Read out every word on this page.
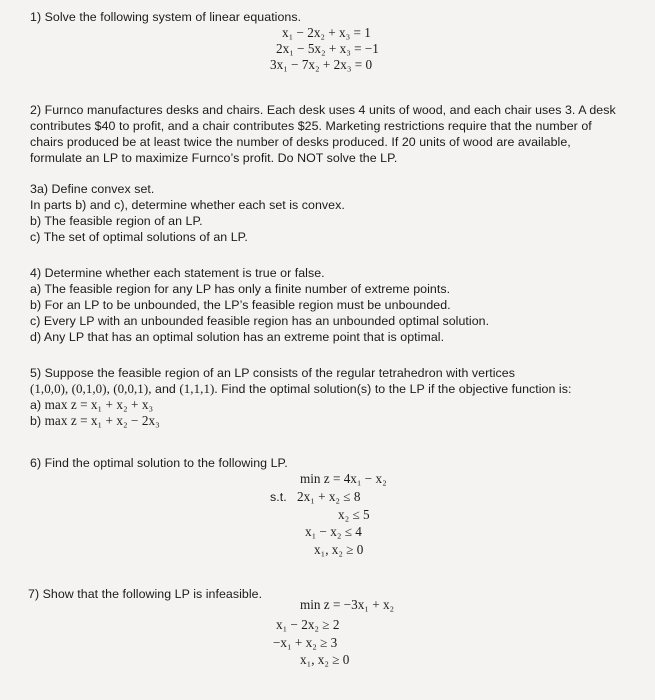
1) Solve the following system of linear equations.
x₁ − 2x₂ + x₃ = 1
2x₁ − 5x₂ + x₃ = −1
3x₁ − 7x₂ + 2x₃ = 0
2) Furnco manufactures desks and chairs. Each desk uses 4 units of wood, and each chair uses 3. A desk
contributes $40 to profit, and a chair contributes $25. Marketing restrictions require that the number of
chairs produced be at least twice the number of desks produced. If 20 units of wood are available,
formulate an LP to maximize Furnco’s profit. Do NOT solve the LP.
3a) Define convex set.
In parts b) and c), determine whether each set is convex.
b) The feasible region of an LP.
c) The set of optimal solutions of an LP.
4) Determine whether each statement is true or false.
a) The feasible region for any LP has only a finite number of extreme points.
b) For an LP to be unbounded, the LP’s feasible region must be unbounded.
c) Every LP with an unbounded feasible region has an unbounded optimal solution.
d) Any LP that has an optimal solution has an extreme point that is optimal.
5) Suppose the feasible region of an LP consists of the regular tetrahedron with vertices
(1,0,0), (0,1,0), (0,0,1), and (1,1,1). Find the optimal solution(s) to the LP if the objective function is:
a) max z = x₁ + x₂ + x₃
b) max z = x₁ + x₂ − 2x₃
6) Find the optimal solution to the following LP.
min z = 4x₁ − x₂
s.t. 2x₁ + x₂ ≤ 8
x₂ ≤ 5
x₁ − x₂ ≤ 4
x₁, x₂ ≥ 0
7) Show that the following LP is infeasible.
min z = −3x₁ + x₂
x₁ − 2x₂ ≥ 2
−x₁ + x₂ ≥ 3
x₁, x₂ ≥ 0
